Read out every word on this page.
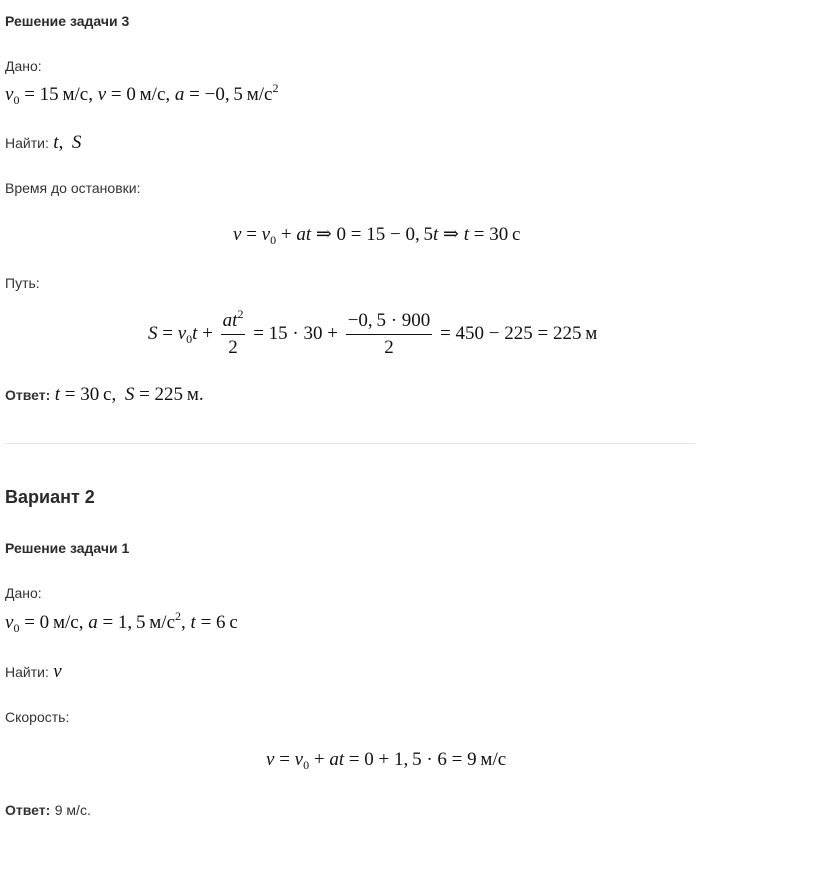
Решение задачи 3
Дано:
$v_0 = 15$ м/с, v = 0 м/с, a = −0, 5 $м/с^2$
Найти: t,  S
Время до остановки:
$v = v_0$ + at ⇒ 0 = 15 − 0, 5t ⇒ t = 30 с
Путь:
$S = v_0t + \frac{at^2}{2} = 15 \cdot 30 + \frac{-0, 5 \cdot 900}{2} = 450 - 225 = 225$ м
Ответ: t = 30 с,  S = 225 м.
Вариант 2
Решение задачи 1
Дано:
$v_0 = 0$ м/с, a = 1, 5 $м/с^2$, t = 6 с
Найти: v
Скорость:
$v = v_0$ + at = 0 + 1, 5 · 6 = 9 м/с
Ответ: 9 м/с.
